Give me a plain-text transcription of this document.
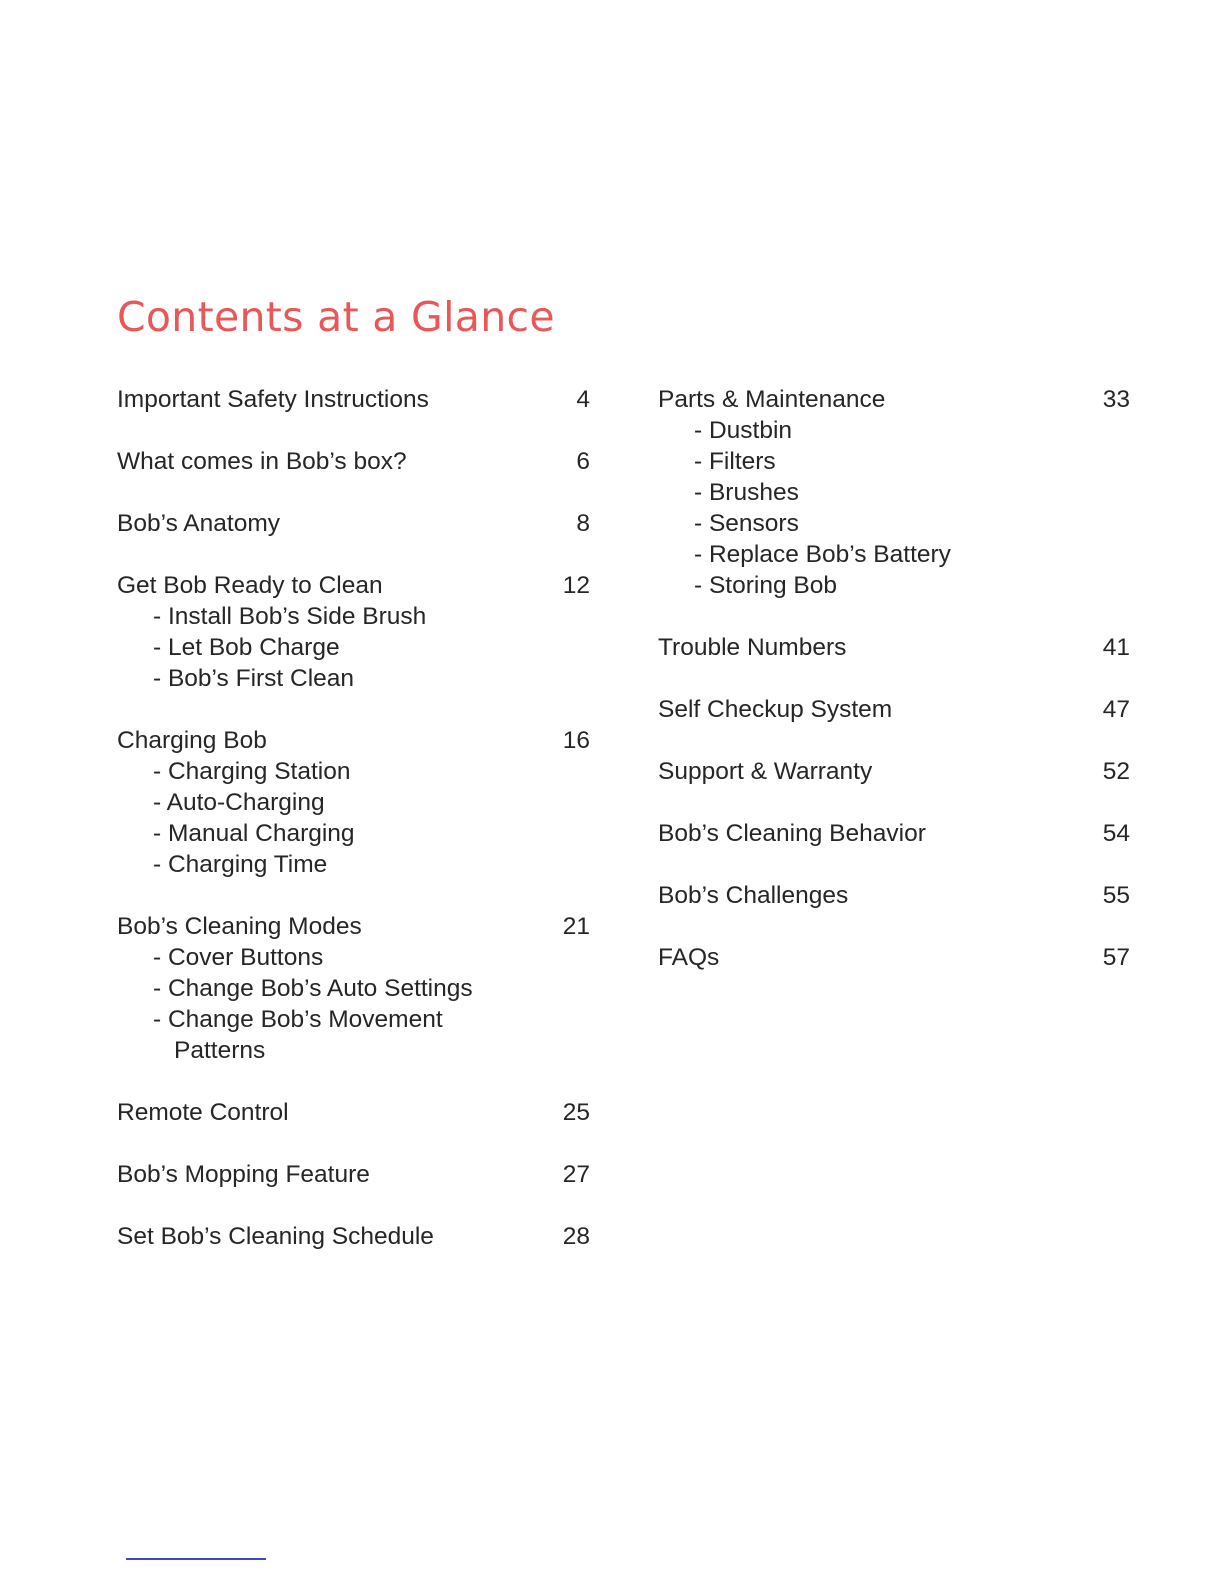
Contents at a Glance
Important Safety Instructions	4
What comes in Bob’s box?	6
Bob’s Anatomy	8
Get Bob Ready to Clean	12
- Install Bob’s Side Brush
- Let Bob Charge
- Bob’s First Clean
Charging Bob	16
- Charging Station
- Auto-Charging
- Manual Charging
- Charging Time
Bob’s Cleaning Modes	21
- Cover Buttons
- Change Bob’s Auto Settings
- Change Bob’s Movement
Patterns
Remote Control	25
Bob’s Mopping Feature	27
Set Bob’s Cleaning Schedule	28
Parts & Maintenance	33
- Dustbin
- Filters
- Brushes
- Sensors
- Replace Bob’s Battery
- Storing Bob
Trouble Numbers	41
Self Checkup System	47
Support & Warranty	52
Bob’s Cleaning Behavior	54
Bob’s Challenges	55
FAQs	57
